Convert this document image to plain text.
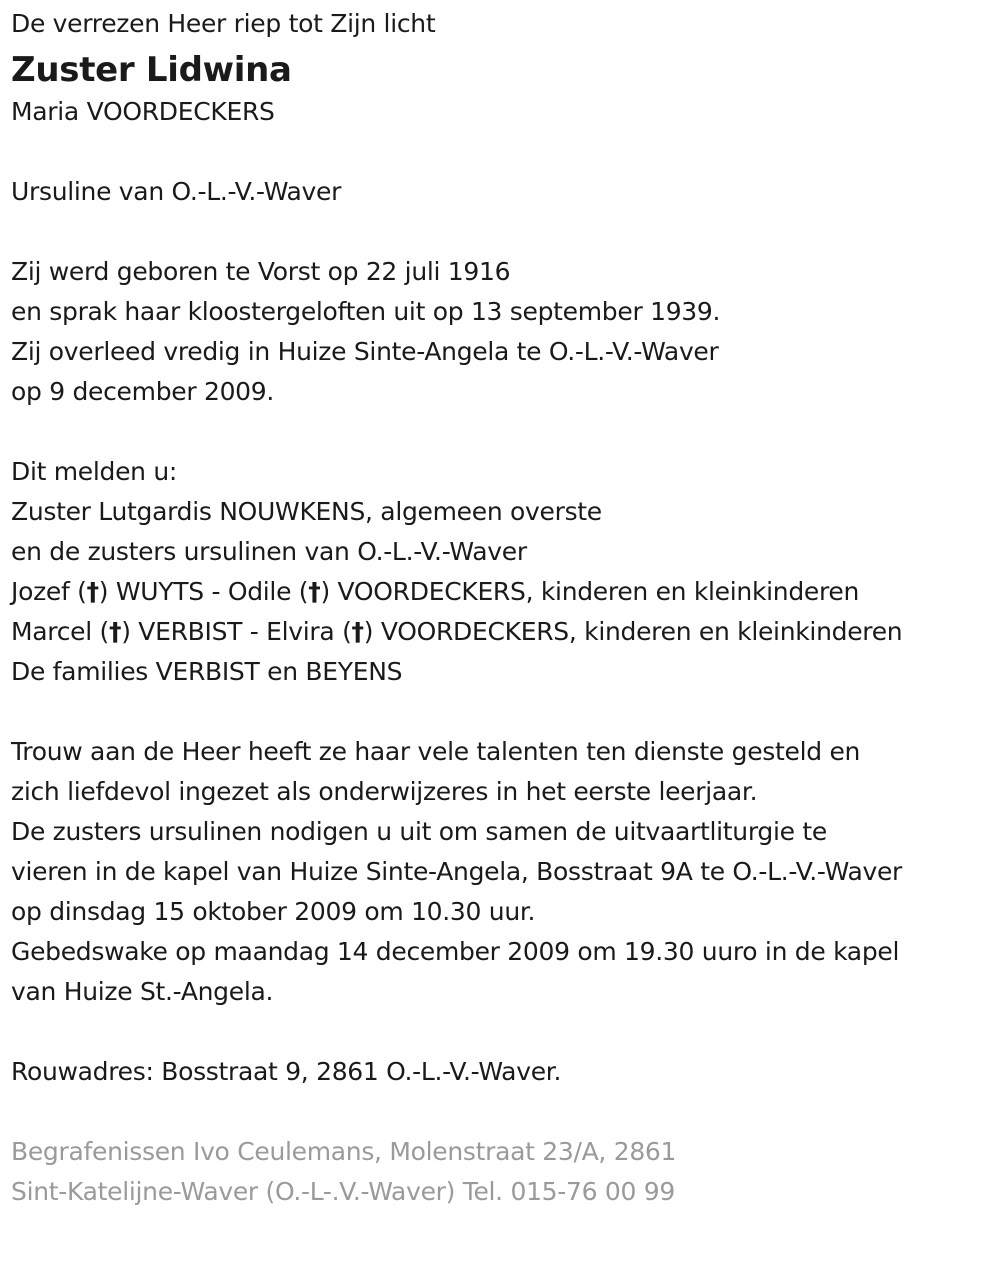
De verrezen Heer riep tot Zijn licht
Zuster Lidwina
Maria VOORDECKERS
Ursuline van O.-L.-V.-Waver
Zij werd geboren te Vorst op 22 juli 1916
en sprak haar kloostergeloften uit op 13 september 1939.
Zij overleed vredig in Huize Sinte-Angela te O.-L.-V.-Waver
op 9 december 2009.
Dit melden u:
Zuster Lutgardis NOUWKENS, algemeen overste
en de zusters ursulinen van O.-L.-V.-Waver
Jozef (†) WUYTS - Odile (†) VOORDECKERS, kinderen en kleinkinderen
Marcel (†) VERBIST - Elvira (†) VOORDECKERS, kinderen en kleinkinderen
De families VERBIST en BEYENS
Trouw aan de Heer heeft ze haar vele talenten ten dienste gesteld en
zich liefdevol ingezet als onderwijzeres in het eerste leerjaar.
De zusters ursulinen nodigen u uit om samen de uitvaartliturgie te
vieren in de kapel van Huize Sinte-Angela, Bosstraat 9A te O.-L.-V.-Waver
op dinsdag 15 oktober 2009 om 10.30 uur.
Gebedswake op maandag 14 december 2009 om 19.30 uuro in de kapel
van Huize St.-Angela.
Rouwadres: Bosstraat 9, 2861 O.-L.-V.-Waver.
Begrafenissen Ivo Ceulemans, Molenstraat 23/A, 2861
Sint-Katelijne-Waver (O.-L-.V.-Waver) Tel. 015-76 00 99
